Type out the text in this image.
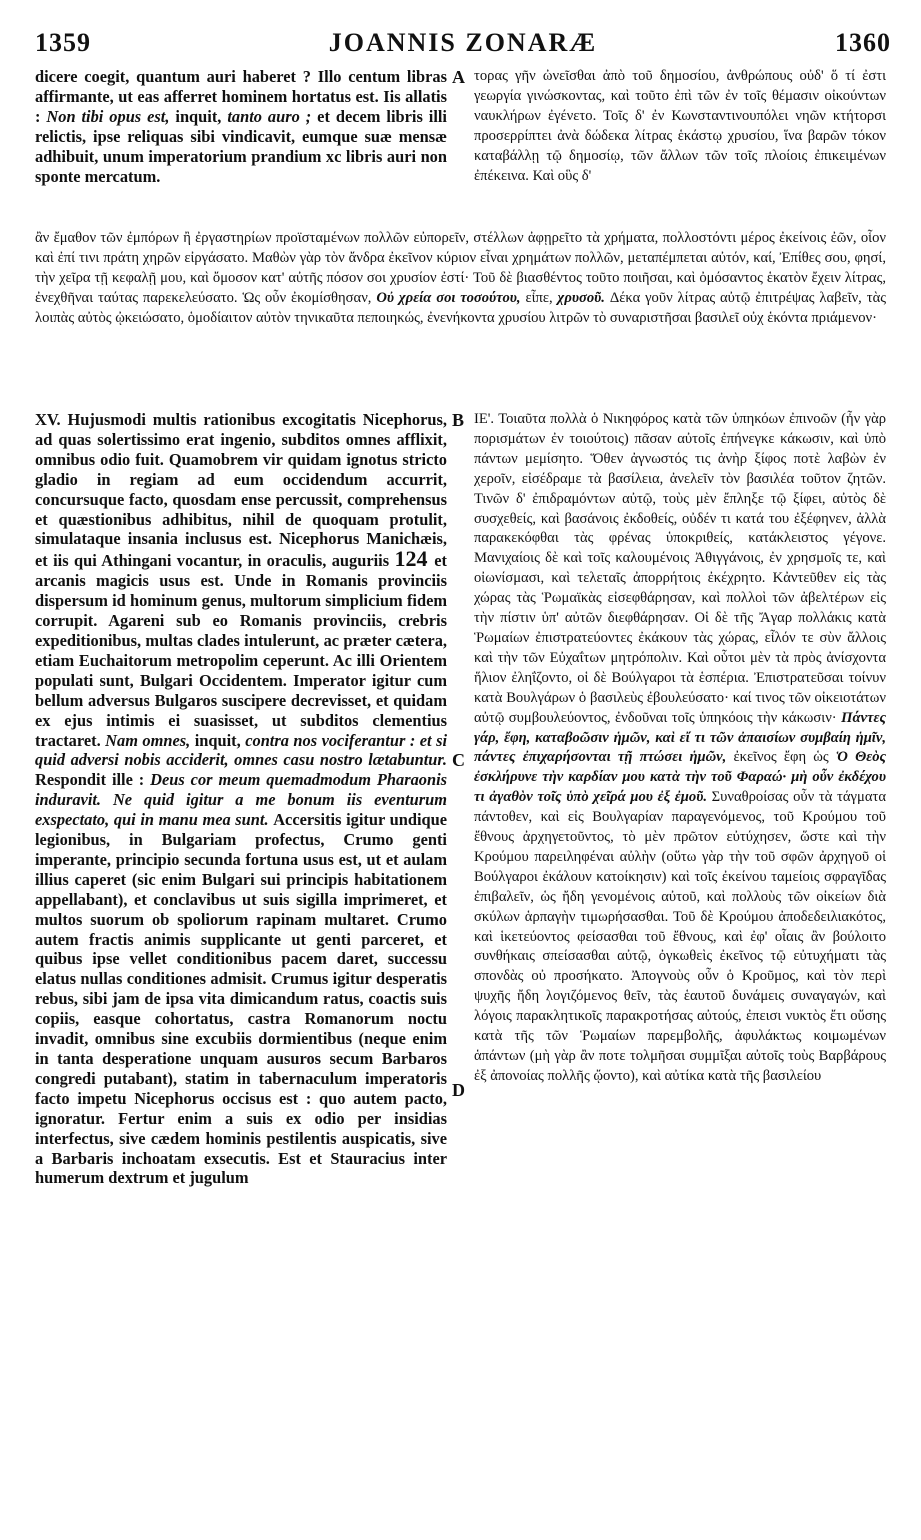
1359	JOANNIS ZONARÆ	1360
dicere coegit, quantum auri haberet ? Illo centum libras affirmante, ut eas afferret hominem hortatus est. Iis allatis : Non tibi opus est, inquit, tanto auro ; et decem libris illi relictis, ipse reliquas sibi vindicavit, eumque suæ mensæ adhibuit, unum imperatorium prandium xc libris auri non sponte mercatum.
A τορας γῆν ὠνεῖσθαι ἀπὸ τοῦ δημοσίου, ἀνθρώπους οὐδ' ὅ τί ἐστι γεωργία γινώσκοντας, καὶ τοῦτο ἐπὶ τῶν ἐν τοῖς θέμασιν οἰκούντων ναυκλήρων ἐγένετο. Τοῖς δ' ἐν Κωνσταντινουπόλει νηῶν κτήτορσι προσερρίπτει ἀνὰ δώδεκα λίτρας ἑκάστῳ χρυσίου, ἵνα βαρῶν τόκον καταβάλλῃ τῷ δημοσίῳ, τῶν ἄλλων τῶν τοῖς πλοίοις ἐπικειμένων ἐπέκεινα. Καὶ οὓς δ'
ἂν ἔμαθον τῶν ἐμπόρων ἢ ἐργαστηρίων προϊσταμένων πολλῶν εὐπορεῖν, στέλλων ἀφῃρεῖτο τὰ χρήματα, πολλοστόντι μέρος ἐκείνοις ἐῶν, οἷον καὶ ἐπί τινι πράτη χηρῶν εἰργάσατο. Μαθὼν γὰρ τὸν ἄνδρα ἐκεῖνον κύριον εἶναι χρημάτων πολλῶν, μεταπέμπεται αὐτόν, καί, Ἐπίθες σου, φησί, τὴν χεῖρα τῇ κεφαλῇ μου, καὶ ὄμοσον κατ' αὐτῆς πόσον σοι χρυσίον ἐστί· Τοῦ δὲ βιασθέντος τοῦτο ποιῆσαι, καὶ ὀμόσαντος ἑκατὸν ἔχειν λίτρας, ἐνεχθῆναι ταύτας παρεκελεύσατο. Ὡς οὖν ἐκομίσθησαν, Οὐ χρεία σοι τοσούτου, εἶπε, χρυσοῦ. Δέκα γοῦν λίτρας αὐτῷ ἐπιτρέψας λαβεῖν, τὰς λοιπὰς αὐτὸς ᾠκειώσατο, ὁμοδίαιτον αὐτὸν τηνικαῦτα πεποιηκώς, ἐνενήκοντα χρυσίου λιτρῶν τὸ συναριστῆσαι βασιλεῖ οὐχ ἑκόντα πριάμενον·
XV. Hujusmodi multis rationibus excogitatis Nicephorus, ad quas solertissimo erat ingenio, subditos omnes afflixit, omnibus odio fuit. Quamobrem vir quidam ignotus stricto gladio in regiam ad eum occidendum accurrit, concursuque facto, quosdam ense percussit, comprehensus et quæstionibus adhibitus, nihil de quoquam protulit, simulataque insania inclusus est. Nicephorus Manichæis, et iis qui Athingani vocantur, in oraculis, auguriis 124 et arcanis magicis usus est. Unde in Romanis provinciis dispersum id hominum genus, multorum simplicium fidem corrupit. Agareni sub eo Romanis provinciis, crebris expeditionibus, multas clades intulerunt, ac præter cætera, etiam Euchaitorum metropolim ceperunt. Ac illi Orientem populati sunt, Bulgari Occidentem. Imperator igitur cum bellum adversus Bulgaros suscipere decrevisset, et quidam ex ejus intimis ei suasisset, ut subditos clementius tractaret. Nam omnes, inquit, contra nos vociferantur : et si quid adversi nobis acciderit, omnes casu nostro lætabuntur. Respondit ille : Deus cor meum quemadmodum Pharaonis induravit. Ne quid igitur a me bonum iis eventurum exspectato, qui in manu mea sunt. Accersitis igitur undique legionibus, in Bulgariam profectus, Crumo genti imperante, principio secunda fortuna usus est, ut et aulam illius caperet (sic enim Bulgari sui principis habitationem appellabant), et conclavibus ut suis sigilla imprimeret, et multos suorum ob spoliorum rapinam multaret. Crumo autem fractis animis supplicante ut genti parceret, et quibus ipse vellet conditionibus pacem daret, successu elatus nullas conditiones admisit. Crumus igitur desperatis rebus, sibi jam de ipsa vita dimicandum ratus, coactis suis copiis, easque cohortatus, castra Romanorum noctu invadit, omnibus sine excubiis dormientibus (neque enim in tanta desperatione unquam ausuros secum Barbaros congredi putabant), statim in tabernaculum imperatoris facto impetu Nicephorus occisus est : quo autem pacto, ignoratur. Fertur enim a suis ex odio per insidias interfectus, sive cædem hominis pestilentis auspicatis, sive a Barbaris inchoatam exsecutis. Est et Stauracius inter humerum dextrum et jugulum
B
C
D
ΙΕ'. Τοιαῦτα πολλὰ ὁ Νικηφόρος κατὰ τῶν ὑπηκόων ἐπινοῶν (ἦν γὰρ πορισμάτων ἐν τοιούτοις) πᾶσαν αὐτοῖς ἐπήνεγκε κάκωσιν, καὶ ὑπὸ πάντων μεμίσητο. Ὅθεν ἀγνωστός τις ἀνὴρ ξίφος ποτὲ λαβὼν ἐν χεροῖν, εἰσέδραμε τὰ βασίλεια, ἀνελεῖν τὸν βασιλέα τοῦτον ζητῶν. Τινῶν δ' ἐπιδραμόντων αὐτῷ, τοὺς μὲν ἔπληξε τῷ ξίφει, αὐτὸς δὲ συσχεθείς, καὶ βασάνοις ἐκδοθείς, οὐδέν τι κατά του ἐξέφηνεν, ἀλλὰ παρακεκόφθαι τὰς φρένας ὑποκριθείς, κατάκλειστος γέγονε. Μανιχαίοις δὲ καὶ τοῖς καλουμένοις Ἀθιγγάνοις, ἐν χρησμοῖς τε, καὶ οἰωνίσμασι, καὶ τελεταῖς ἀπορρήτοις ἐκέχρητο. Κἀντεῦθεν εἰς τὰς χώρας τὰς Ῥωμαϊκὰς εἰσεφθάρησαν, καὶ πολλοὶ τῶν ἀβελτέρων εἰς τὴν πίστιν ὑπ' αὐτῶν διεφθάρησαν. Οἱ δὲ τῆς Ἄγαρ πολλάκις κατὰ Ῥωμαίων ἐπιστρατεύοντες ἐκάκουν τὰς χώρας, εἷλόν τε σὺν ἄλλοις καὶ τὴν τῶν Εὐχαΐτων μητρόπολιν. Καὶ οὗτοι μὲν τὰ πρὸς ἀνίσχοντα ἥλιον ἐληΐζοντο, οἱ δὲ Βούλγαροι τὰ ἑσπέρια. Ἐπιστρατεῦσαι τοίνυν κατὰ Βουλγάρων ὁ βασιλεὺς ἐβουλεύσατο· καί τινος τῶν οἰκειοτάτων αὐτῷ συμβουλεύοντος, ἐνδοῦναι τοῖς ὑπηκόοις τὴν κάκωσιν· Πάντες γάρ, ἔφη, καταβοῶσιν ἡμῶν, καὶ εἴ τι τῶν ἀπαισίων συμβαίη ἡμῖν, πάντες ἐπιχαρήσονται τῇ πτώσει ἡμῶν, ἐκεῖνος ἔφη ὡς Ὁ Θεὸς ἐσκλήρυνε τὴν καρδίαν μου κατὰ τὴν τοῦ Φαραώ· μὴ οὖν ἐκδέχου τι ἀγαθὸν τοῖς ὑπὸ χεῖρά μου ἐξ ἐμοῦ. Συναθροίσας οὖν τὰ τάγματα πάντοθεν, καὶ εἰς Βουλγαρίαν παραγενόμενος, τοῦ Κρούμου τοῦ ἔθνους ἀρχηγετοῦντος, τὸ μὲν πρῶτον εὐτύχησεν, ὥστε καὶ τὴν Κρούμου παρειληφέναι αὐλὴν (οὕτω γὰρ τὴν τοῦ σφῶν ἀρχηγοῦ οἱ Βούλγαροι ἐκάλουν κατοίκησιν) καὶ τοῖς ἐκείνου ταμείοις σφραγῖδας ἐπιβαλεῖν, ὡς ἤδη γενομένοις αὐτοῦ, καὶ πολλοὺς τῶν οἰκείων διὰ σκύλων ἁρπαγὴν τιμωρήσασθαι. Τοῦ δὲ Κρούμου ἀποδεδειλιακότος, καὶ ἱκετεύοντος φείσασθαι τοῦ ἔθνους, καὶ ἐφ' οἷαις ἂν βούλοιτο συνθήκαις σπείσασθαι αὐτῷ, ὀγκωθεὶς ἐκεῖνος τῷ εὐτυχήματι τὰς σπονδὰς οὐ προσήκατο. Ἀπογνοὺς οὖν ὁ Κροῦμος, καὶ τὸν περὶ ψυχῆς ἤδη λογιζόμενος θεῖν, τὰς ἑαυτοῦ δυνάμεις συναγαγών, καὶ λόγοις παρακλητικοῖς παρακροτήσας αὐτούς, ἐπεισι νυκτὸς ἔτι οὔσης κατὰ τῆς τῶν Ῥωμαίων παρεμβολῆς, ἀφυλάκτως κοιμωμένων ἁπάντων (μὴ γὰρ ἂν ποτε τολμῆσαι συμμῖξαι αὐτοῖς τοὺς Βαρβάρους ἐξ ἀπονοίας πολλῆς ᾤοντο), καὶ αὐτίκα κατὰ τῆς βασιλείου
